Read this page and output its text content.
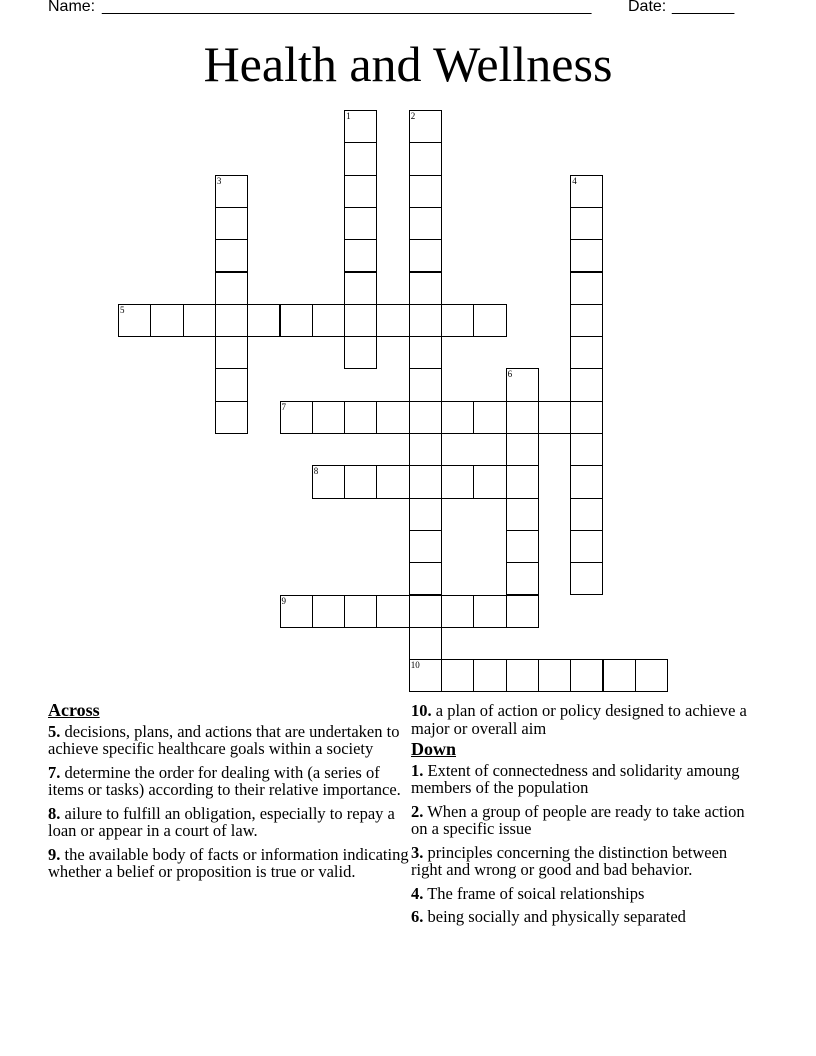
Name: _______________________________________________________ Date: _______
Health and Wellness
1	2
10
3	4
5
6
7
8
9
Across
5. decisions, plans, and actions that are undertaken to achieve specific healthcare goals within a society
7. determine the order for dealing with (a series of items or tasks) according to their relative importance.
8. ailure to fulfill an obligation, especially to repay a loan or appear in a court of law.
9. the available body of facts or information indicating whether a belief or proposition is true or valid.
10. a plan of action or policy designed to achieve a major or overall aim
Down
1. Extent of connectedness and solidarity amoung members of the population
2. When a group of people are ready to take action on a specific issue
3. principles concerning the distinction between right and wrong or good and bad behavior.
4. The frame of soical relationships
6. being socially and physically separated
